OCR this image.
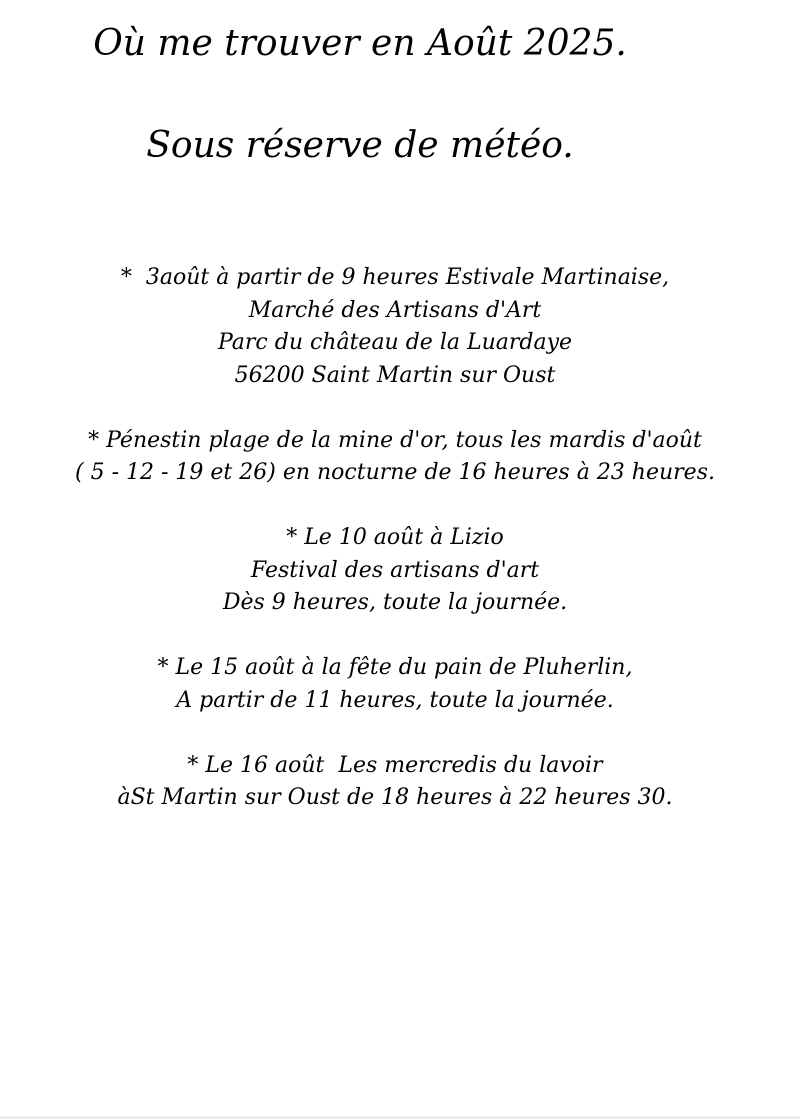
Où me trouver en Août 2025.
Sous réserve de météo.
*  3août à partir de 9 heures Estivale Martinaise,
Marché des Artisans d'Art
Parc du château de la Luardaye
56200 Saint Martin sur Oust
* Pénestin plage de la mine d'or, tous les mardis d'août
( 5 - 12 - 19 et 26) en nocturne de 16 heures à 23 heures.
* Le 10 août à Lizio
Festival des artisans d'art
Dès 9 heures, toute la journée.
* Le 15 août à la fête du pain de Pluherlin,
A partir de 11 heures, toute la journée.
* Le 16 août  Les mercredis du lavoir
àSt Martin sur Oust de 18 heures à 22 heures 30.
